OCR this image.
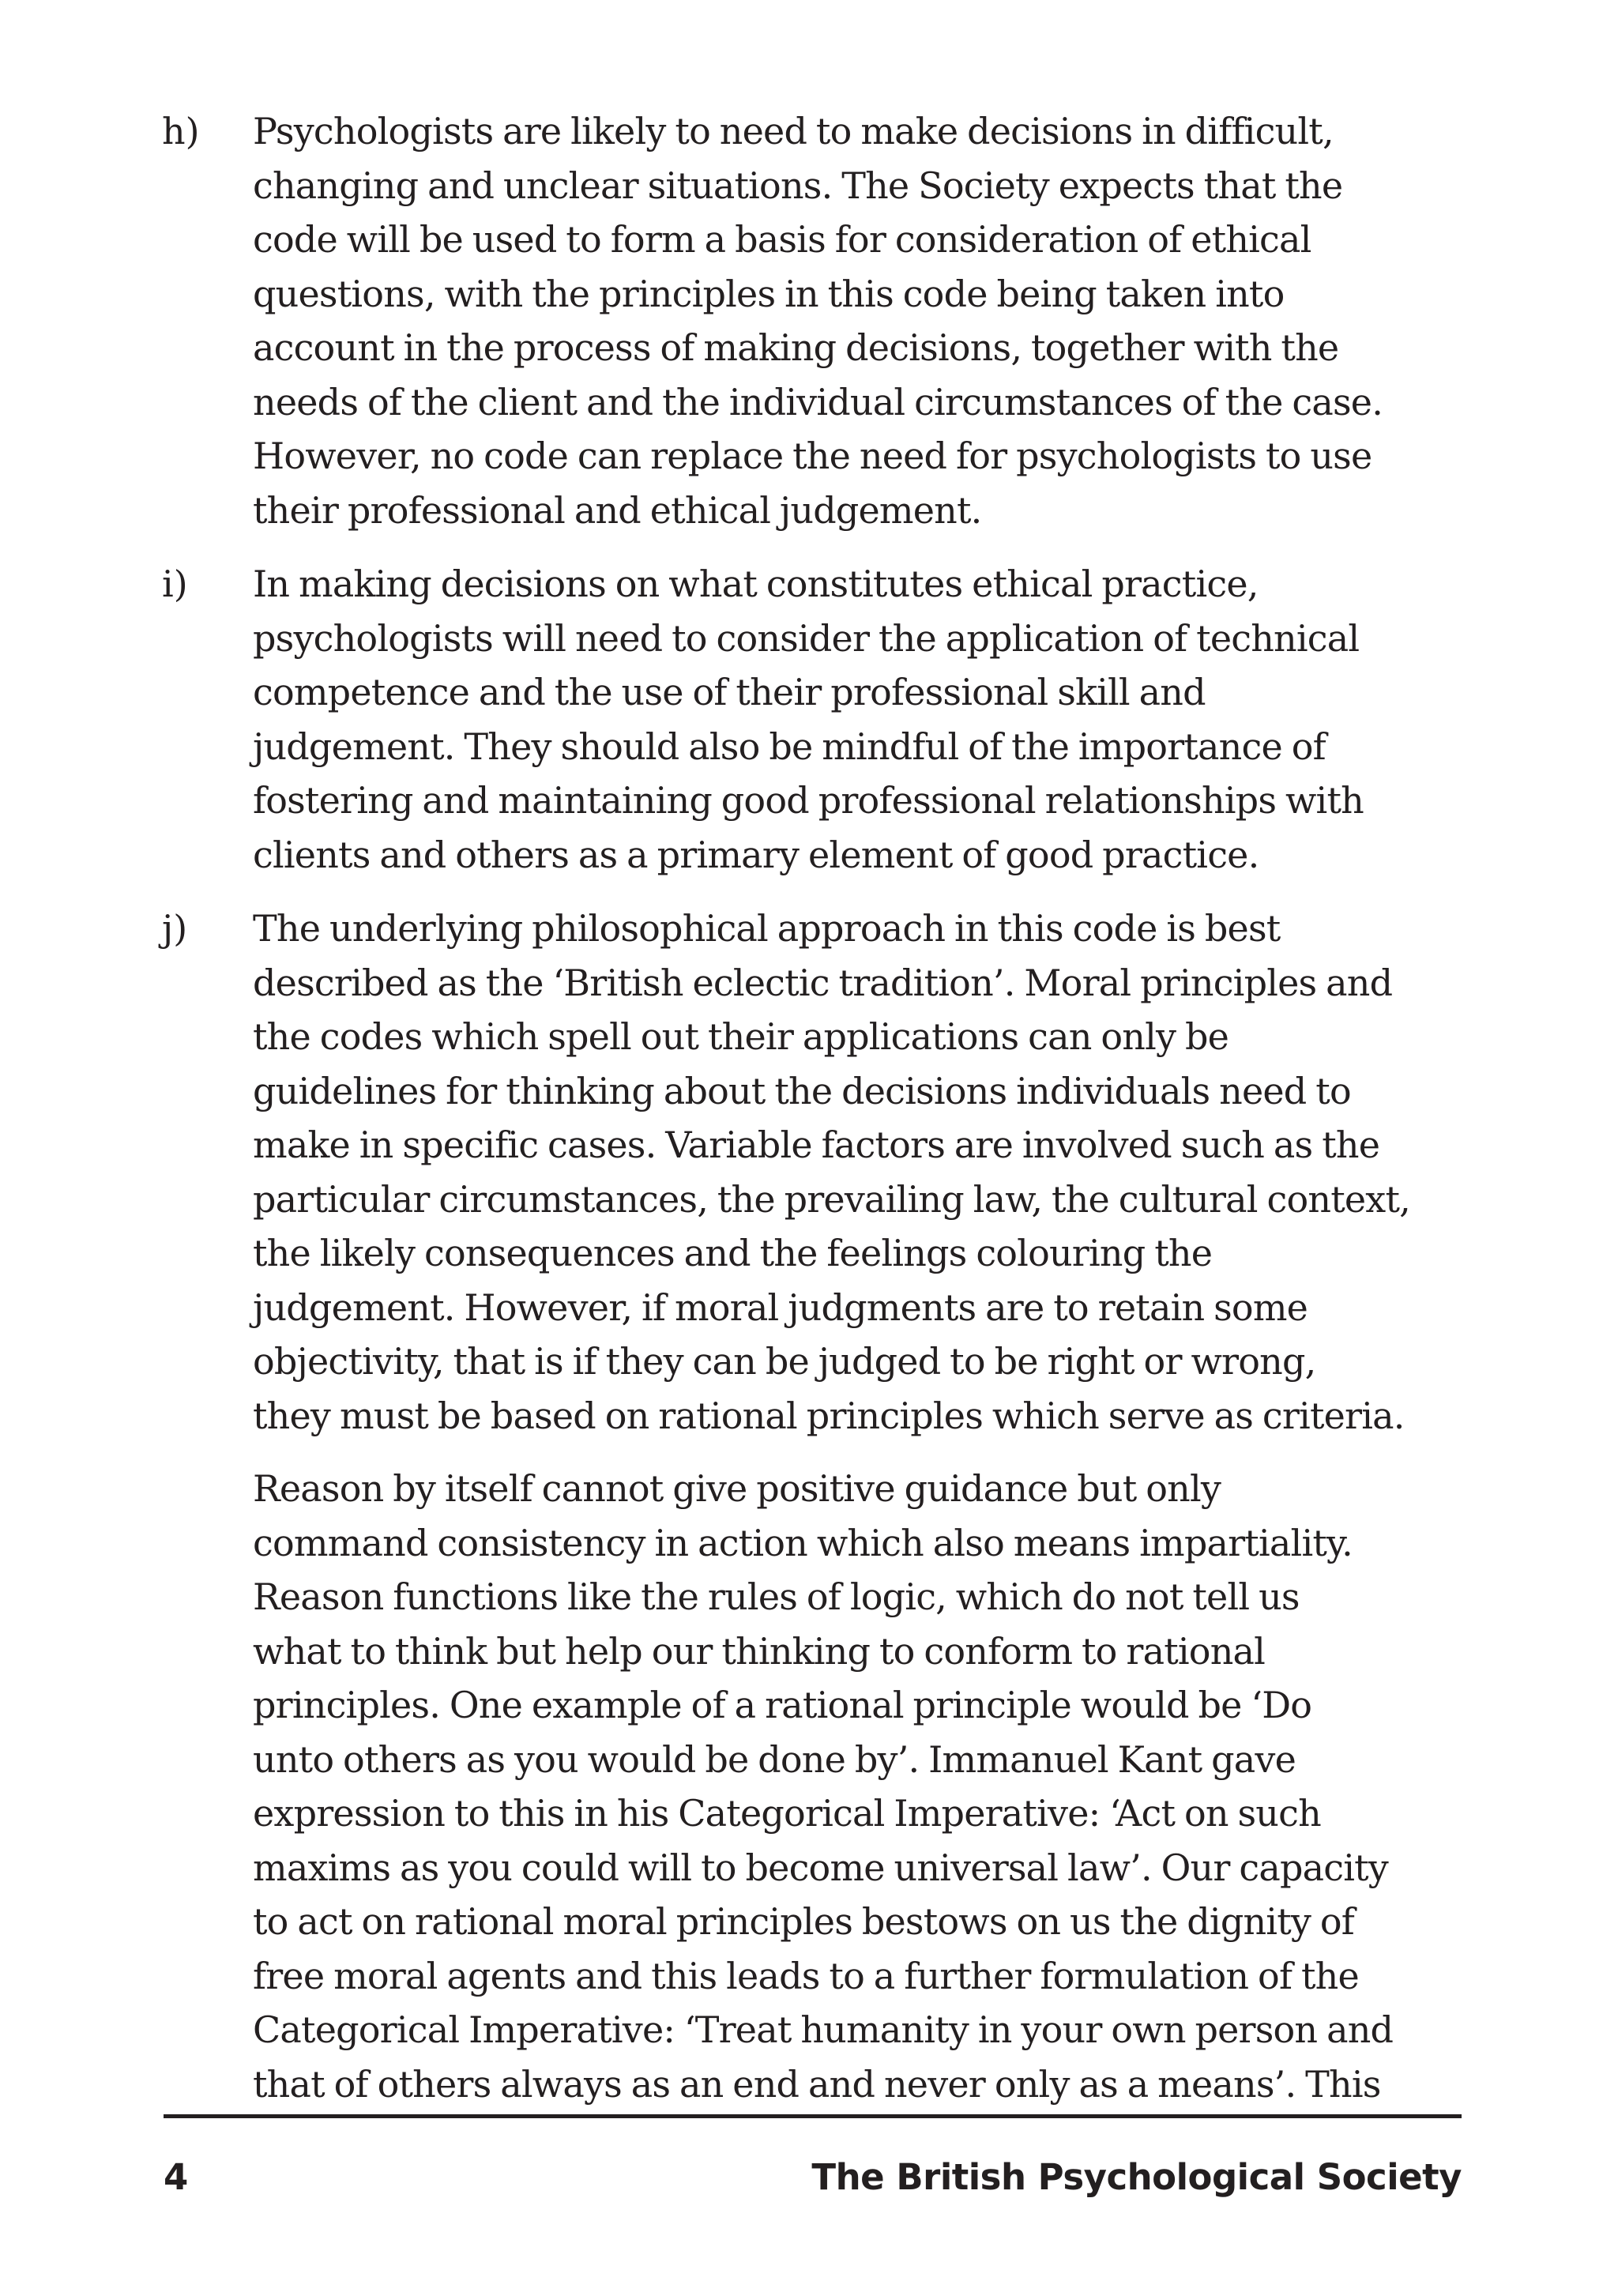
h) Psychologists are likely to need to make decisions in difficult,
changing and unclear situations. The Society expects that the
code will be used to form a basis for consideration of ethical
questions, with the principles in this code being taken into
account in the process of making decisions, together with the
needs of the client and the individual circumstances of the case.
However, no code can replace the need for psychologists to use
their professional and ethical judgement.

i) In making decisions on what constitutes ethical practice,
psychologists will need to consider the application of technical
competence and the use of their professional skill and
judgement. They should also be mindful of the importance of
fostering and maintaining good professional relationships with
clients and others as a primary element of good practice.

j) The underlying philosophical approach in this code is best
described as the ‘British eclectic tradition’. Moral principles and
the codes which spell out their applications can only be
guidelines for thinking about the decisions individuals need to
make in specific cases. Variable factors are involved such as the
particular circumstances, the prevailing law, the cultural context,
the likely consequences and the feelings colouring the
judgement. However, if moral judgments are to retain some
objectivity, that is if they can be judged to be right or wrong,
they must be based on rational principles which serve as criteria.

Reason by itself cannot give positive guidance but only
command consistency in action which also means impartiality.
Reason functions like the rules of logic, which do not tell us
what to think but help our thinking to conform to rational
principles. One example of a rational principle would be ‘Do
unto others as you would be done by’. Immanuel Kant gave
expression to this in his Categorical Imperative: ‘Act on such
maxims as you could will to become universal law’. Our capacity
to act on rational moral principles bestows on us the dignity of
free moral agents and this leads to a further formulation of the
Categorical Imperative: ‘Treat humanity in your own person and
that of others always as an end and never only as a means’. This

4	The British Psychological Society
